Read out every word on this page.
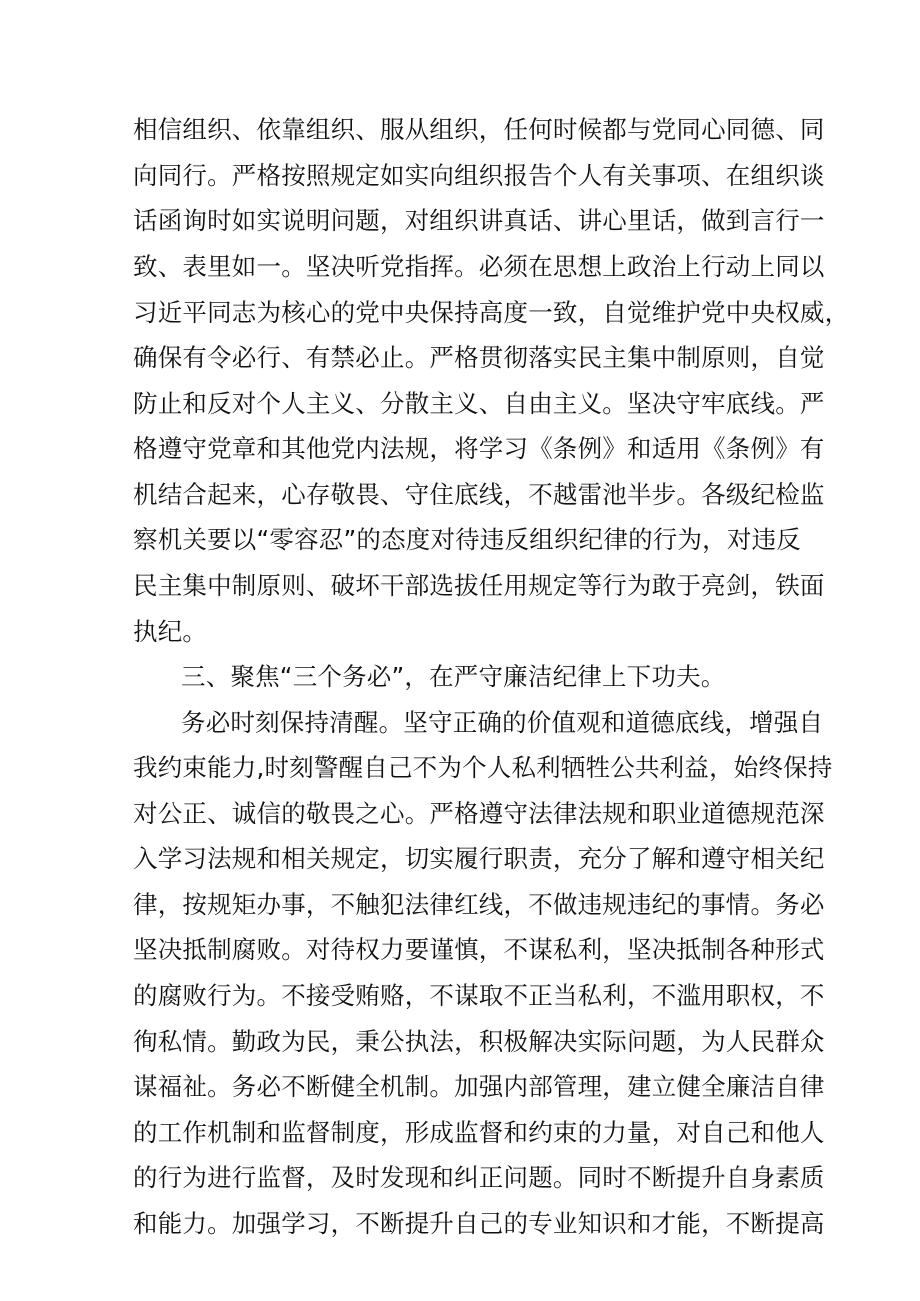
相信组织、依靠组织、服从组织，任何时候都与党同心同德、同
向同行。严格按照规定如实向组织报告个人有关事项、在组织谈
话函询时如实说明问题，对组织讲真话、讲心里话，做到言行一
致、表里如一。坚决听党指挥。必须在思想上政治上行动上同以
习近平同志为核心的党中央保持高度一致，自觉维护党中央权威，
确保有令必行、有禁必止。严格贯彻落实民主集中制原则，自觉
防止和反对个人主义、分散主义、自由主义。坚决守牢底线。严
格遵守党章和其他党内法规，将学习《条例》和适用《条例》有
机结合起来，心存敬畏、守住底线，不越雷池半步。各级纪检监
察机关要以“零容忍”的态度对待违反组织纪律的行为，对违反
民主集中制原则、破坏干部选拔任用规定等行为敢于亮剑，铁面
执纪。
三、聚焦“三个务必”，在严守廉洁纪律上下功夫。
务必时刻保持清醒。坚守正确的价值观和道德底线，增强自
我约束能力,时刻警醒自己不为个人私利牺牲公共利益，始终保持
对公正、诚信的敬畏之心。严格遵守法律法规和职业道德规范深
入学习法规和相关规定，切实履行职责，充分了解和遵守相关纪
律，按规矩办事，不触犯法律红线，不做违规违纪的事情。务必
坚决抵制腐败。对待权力要谨慎，不谋私利，坚决抵制各种形式
的腐败行为。不接受贿赂，不谋取不正当私利，不滥用职权，不
徇私情。勤政为民，秉公执法，积极解决实际问题，为人民群众
谋福祉。务必不断健全机制。加强内部管理，建立健全廉洁自律
的工作机制和监督制度，形成监督和约束的力量，对自己和他人
的行为进行监督，及时发现和纠正问题。同时不断提升自身素质
和能力。加强学习，不断提升自己的专业知识和才能，不断提高
